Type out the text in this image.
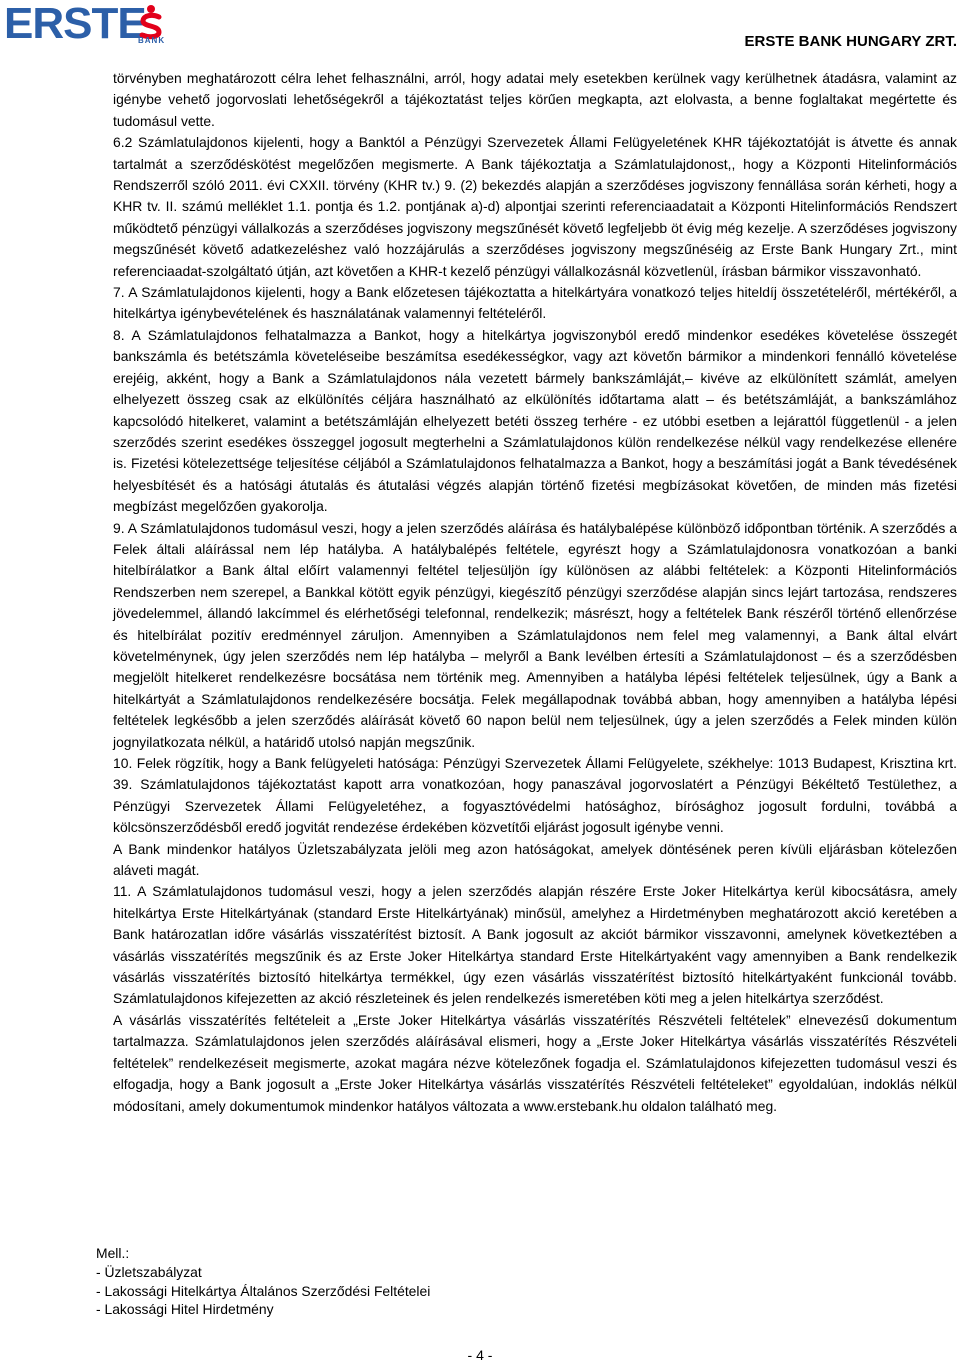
ERSTE
BANK	ERSTE BANK HUNGARY ZRT.

törvényben meghatározott célra lehet felhasználni, arról, hogy adatai mely esetekben kerülnek vagy kerülhetnek átadásra, valamint az igénybe vehető jogorvoslati lehetőségekről a tájékoztatást teljes körűen megkapta, azt elolvasta, a benne foglaltakat megértette és tudomásul vette.

6.2 Számlatulajdonos kijelenti, hogy a Banktól a Pénzügyi Szervezetek Állami Felügyeletének KHR tájékoztatóját is átvette és annak tartalmát a szerződéskötést megelőzően megismerte. A Bank tájékoztatja a Számlatulajdonost,, hogy a Központi Hitelinformációs Rendszerről szóló 2011. évi CXXII. törvény (KHR tv.) 9. (2) bekezdés alapján a szerződéses jogviszony fennállása során kérheti, hogy a KHR tv. II. számú melléklet 1.1. pontja és 1.2. pontjának a)-d) alpontjai szerinti referenciaadatait a Központi Hitelinformációs Rendszert működtető pénzügyi vállalkozás a szerződéses jogviszony megszűnését követő legfeljebb öt évig még kezelje. A szerződéses jogviszony megszűnését követő adatkezeléshez való hozzájárulás a szerződéses jogviszony megszűnéséig az Erste Bank Hungary Zrt., mint referenciaadat-szolgáltató útján, azt követően a KHR-t kezelő pénzügyi vállalkozásnál közvetlenül, írásban bármikor visszavonható.

7. A Számlatulajdonos kijelenti, hogy a Bank előzetesen tájékoztatta a hitelkártyára vonatkozó teljes hiteldíj összetételéről, mértékéről, a hitelkártya igénybevételének és használatának valamennyi feltételéről.

8. A Számlatulajdonos felhatalmazza a Bankot, hogy a hitelkártya jogviszonyból eredő mindenkor esedékes követelése összegét bankszámla és betétszámla követeléseibe beszámítsa esedékességkor, vagy azt követőn bármikor a mindenkori fennálló követelése erejéig, akként, hogy a Bank a Számlatulajdonos nála vezetett bármely bankszámláját,– kivéve az elkülönített számlát, amelyen elhelyezett összeg csak az elkülönítés céljára használható az elkülönítés időtartama alatt – és betétszámláját, a bankszámlához kapcsolódó hitelkeret, valamint a betétszámláján elhelyezett betéti összeg terhére - ez utóbbi esetben a lejárattól függetlenül - a jelen szerződés szerint esedékes összeggel jogosult megterhelni a Számlatulajdonos külön rendelkezése nélkül vagy rendelkezése ellenére is. Fizetési kötelezettsége teljesítése céljából a Számlatulajdonos felhatalmazza a Bankot, hogy a beszámítási jogát a Bank tévedésének helyesbítését és a hatósági átutalás és átutalási végzés alapján történő fizetési megbízásokat követően, de minden más fizetési megbízást megelőzően gyakorolja.

9. A Számlatulajdonos tudomásul veszi, hogy a jelen szerződés aláírása és hatálybalépése különböző időpontban történik. A szerződés a Felek általi aláírással nem lép hatályba. A hatálybalépés feltétele, egyrészt hogy a Számlatulajdonosra vonatkozóan a banki hitelbírálatkor a Bank által előírt valamennyi feltétel teljesüljön így különösen az alábbi feltételek: a Központi Hitelinformációs Rendszerben nem szerepel, a Bankkal kötött egyik pénzügyi, kiegészítő pénzügyi szerződése alapján sincs lejárt tartozása, rendszeres jövedelemmel, állandó lakcímmel és elérhetőségi telefonnal, rendelkezik; másrészt, hogy a feltételek Bank részéről történő ellenőrzése és hitelbírálat pozitív eredménnyel záruljon. Amennyiben a Számlatulajdonos nem felel meg valamennyi, a Bank által elvárt követelménynek, úgy jelen szerződés nem lép hatályba – melyről a Bank levélben értesíti a Számlatulajdonost – és a szerződésben megjelölt hitelkeret rendelkezésre bocsátása nem történik meg. Amennyiben a hatályba lépési feltételek teljesülnek, úgy a Bank a hitelkártyát a Számlatulajdonos rendelkezésére bocsátja. Felek megállapodnak továbbá abban, hogy amennyiben a hatályba lépési feltételek legkésőbb a jelen szerződés aláírását követő 60 napon belül nem teljesülnek, úgy a jelen szerződés a Felek minden külön jognyilatkozata nélkül, a határidő utolsó napján megszűnik.

10. Felek rögzítik, hogy a Bank felügyeleti hatósága: Pénzügyi Szervezetek Állami Felügyelete, székhelye: 1013 Budapest, Krisztina krt. 39. Számlatulajdonos tájékoztatást kapott arra vonatkozóan, hogy panaszával jogorvoslatért a Pénzügyi Békéltető Testülethez, a Pénzügyi Szervezetek Állami Felügyeletéhez, a fogyasztóvédelmi hatósághoz, bírósághoz jogosult fordulni, továbbá a kölcsönszerződésből eredő jogvitát rendezése érdekében közvetítői eljárást jogosult igénybe venni.

A Bank mindenkor hatályos Üzletszabályzata jelöli meg azon hatóságokat, amelyek döntésének peren kívüli eljárásban kötelezően aláveti magát.

11. A Számlatulajdonos tudomásul veszi, hogy a jelen szerződés alapján részére Erste Joker Hitelkártya kerül kibocsátásra, amely hitelkártya Erste Hitelkártyának (standard Erste Hitelkártyának) minősül, amelyhez a Hirdetményben meghatározott akció keretében a Bank határozatlan időre vásárlás visszatérítést biztosít. A Bank jogosult az akciót bármikor visszavonni, amelynek következtében a vásárlás visszatérítés megszűnik és az Erste Joker Hitelkártya standard Erste Hitelkártyaként vagy amennyiben a Bank rendelkezik vásárlás visszatérítés biztosító hitelkártya termékkel, úgy ezen vásárlás visszatérítést biztosító hitelkártyaként funkcionál tovább. Számlatulajdonos kifejezetten az akció részleteinek és jelen rendelkezés ismeretében köti meg a jelen hitelkártya szerződést.

A vásárlás visszatérítés feltételeit a „Erste Joker Hitelkártya vásárlás visszatérítés Részvételi feltételek” elnevezésű dokumentum tartalmazza. Számlatulajdonos jelen szerződés aláírásával elismeri, hogy a „Erste Joker Hitelkártya vásárlás visszatérítés Részvételi feltételek” rendelkezéseit megismerte, azokat magára nézve kötelezőnek fogadja el. Számlatulajdonos kifejezetten tudomásul veszi és elfogadja, hogy a Bank jogosult a „Erste Joker Hitelkártya vásárlás visszatérítés Részvételi feltételeket” egyoldalúan, indoklás nélkül módosítani, amely dokumentumok mindenkor hatályos változata a www.erstebank.hu oldalon található meg.

Mell.:
- Üzletszabályzat
- Lakossági Hitelkártya Általános Szerződési Feltételei
- Lakossági Hitel Hirdetmény
- 4 -
